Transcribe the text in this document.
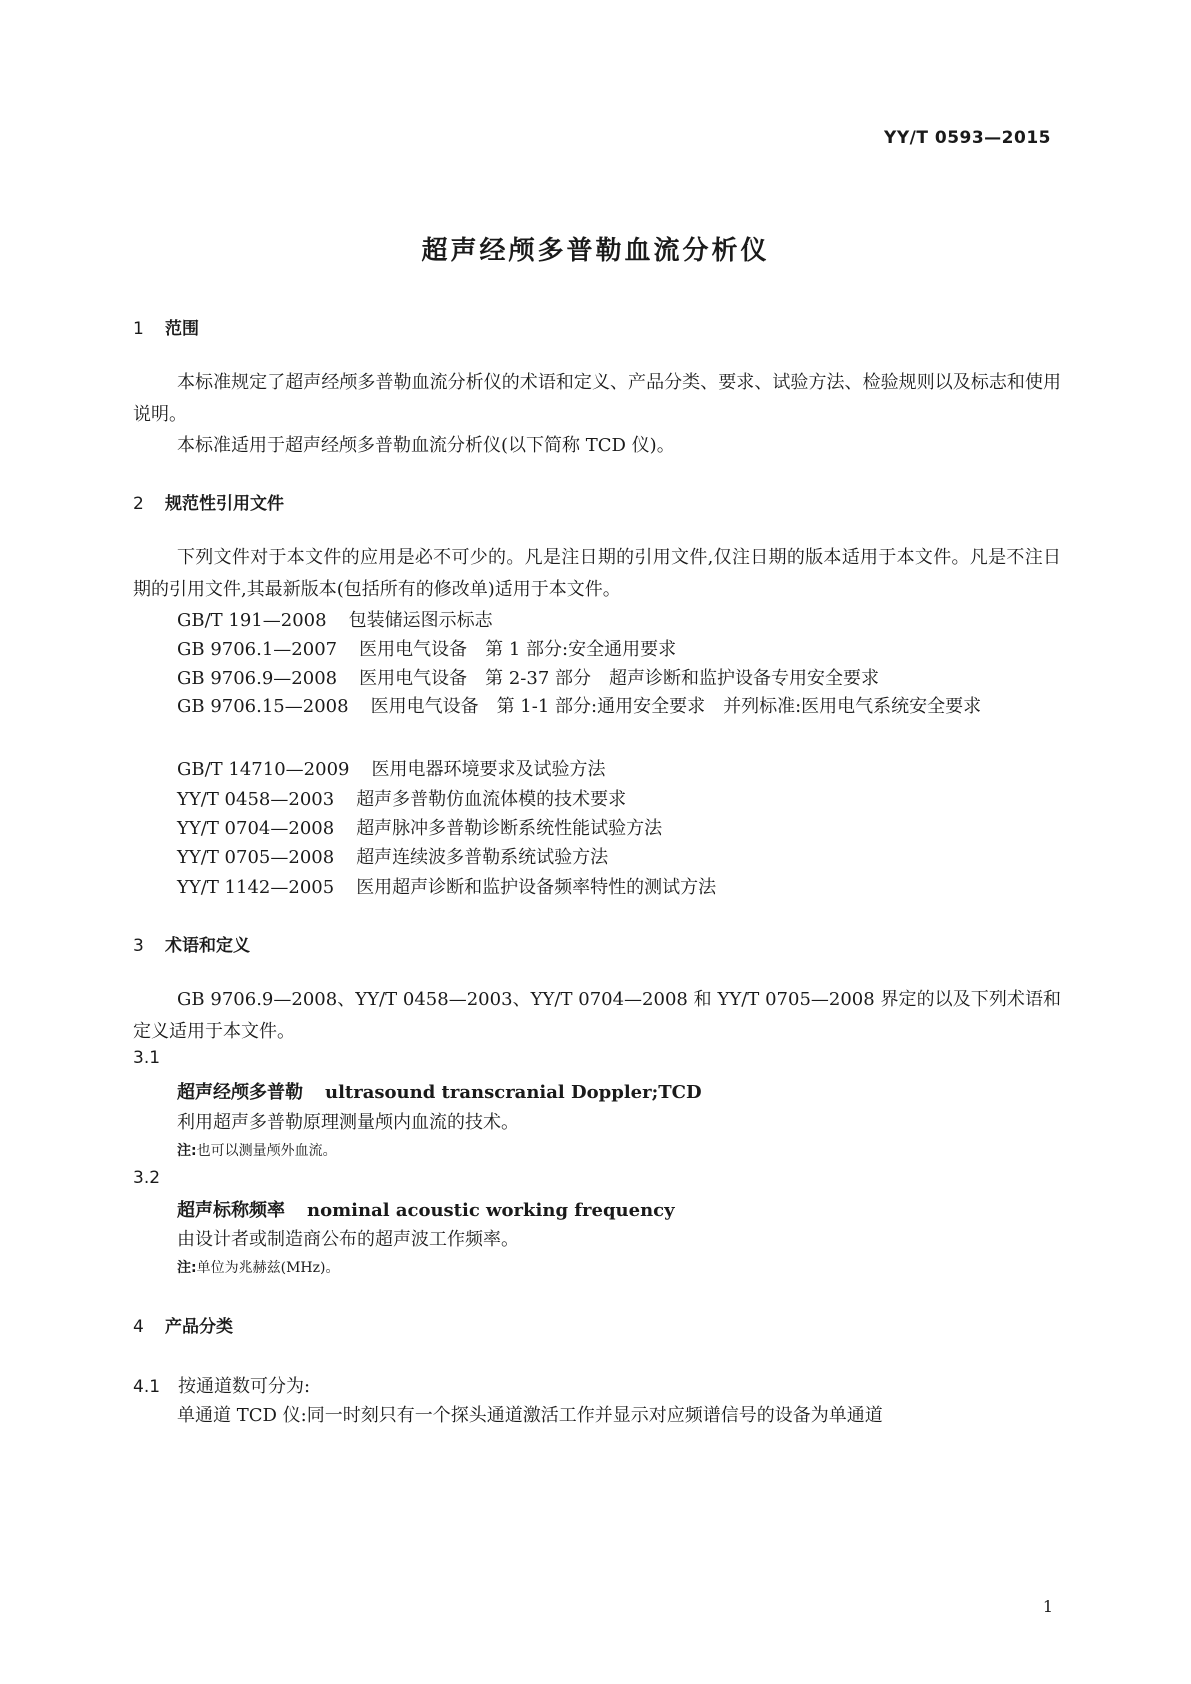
YY/T 0593—2015
超声经颅多普勒血流分析仪
1 范围
本标准规定了超声经颅多普勒血流分析仪的术语和定义、产品分类、要求、试验方法、检验规则以及标志和使用说明。
本标准适用于超声经颅多普勒血流分析仪(以下简称 TCD 仪)。
2 规范性引用文件
下列文件对于本文件的应用是必不可少的。凡是注日期的引用文件,仅注日期的版本适用于本文件。凡是不注日期的引用文件,其最新版本(包括所有的修改单)适用于本文件。
GB/T 191—2008 包装储运图示标志
GB 9706.1—2007 医用电气设备　第 1 部分:安全通用要求
GB 9706.9—2008 医用电气设备　第 2-37 部分　超声诊断和监护设备专用安全要求
GB 9706.15—2008 医用电气设备　第 1-1 部分:通用安全要求　并列标准:医用电气系统安全要求
GB/T 14710—2009 医用电器环境要求及试验方法
YY/T 0458—2003 超声多普勒仿血流体模的技术要求
YY/T 0704—2008 超声脉冲多普勒诊断系统性能试验方法
YY/T 0705—2008 超声连续波多普勒系统试验方法
YY/T 1142—2005 医用超声诊断和监护设备频率特性的测试方法
3 术语和定义
GB 9706.9—2008、YY/T 0458—2003、YY/T 0704—2008 和 YY/T 0705—2008 界定的以及下列术语和定义适用于本文件。
3.1
超声经颅多普勒 ultrasound transcranial Doppler;TCD
利用超声多普勒原理测量颅内血流的技术。
注:也可以测量颅外血流。
3.2
超声标称频率 nominal acoustic working frequency
由设计者或制造商公布的超声波工作频率。
注:单位为兆赫兹(MHz)。
4 产品分类
4.1 按通道数可分为:
单通道 TCD 仪:同一时刻只有一个探头通道激活工作并显示对应频谱信号的设备为单通道
1
